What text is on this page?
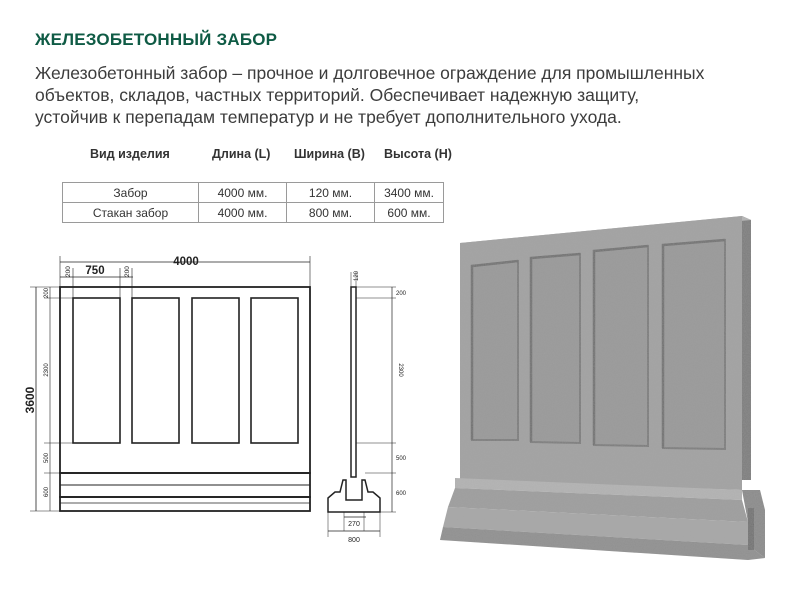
ЖЕЛЕЗОБЕТОННЫЙ ЗАБОР
Железобетонный забор – прочное и долговечное ограждение для промышленных
объектов, складов, частных территорий. Обеспечивает надежную защиту,
устойчив к перепадам температур и не требует дополнительного ухода.
Вид изделия	Длина (L) Ширина (B) Высота (H)
Забор	4000 мм.	120 мм.	3400 мм.
Стакан забор	4000 мм.	800 мм.	600 мм.
4000
750
200	200
3600
200
2300
500
600
120
200
2300
500
600
270
800
